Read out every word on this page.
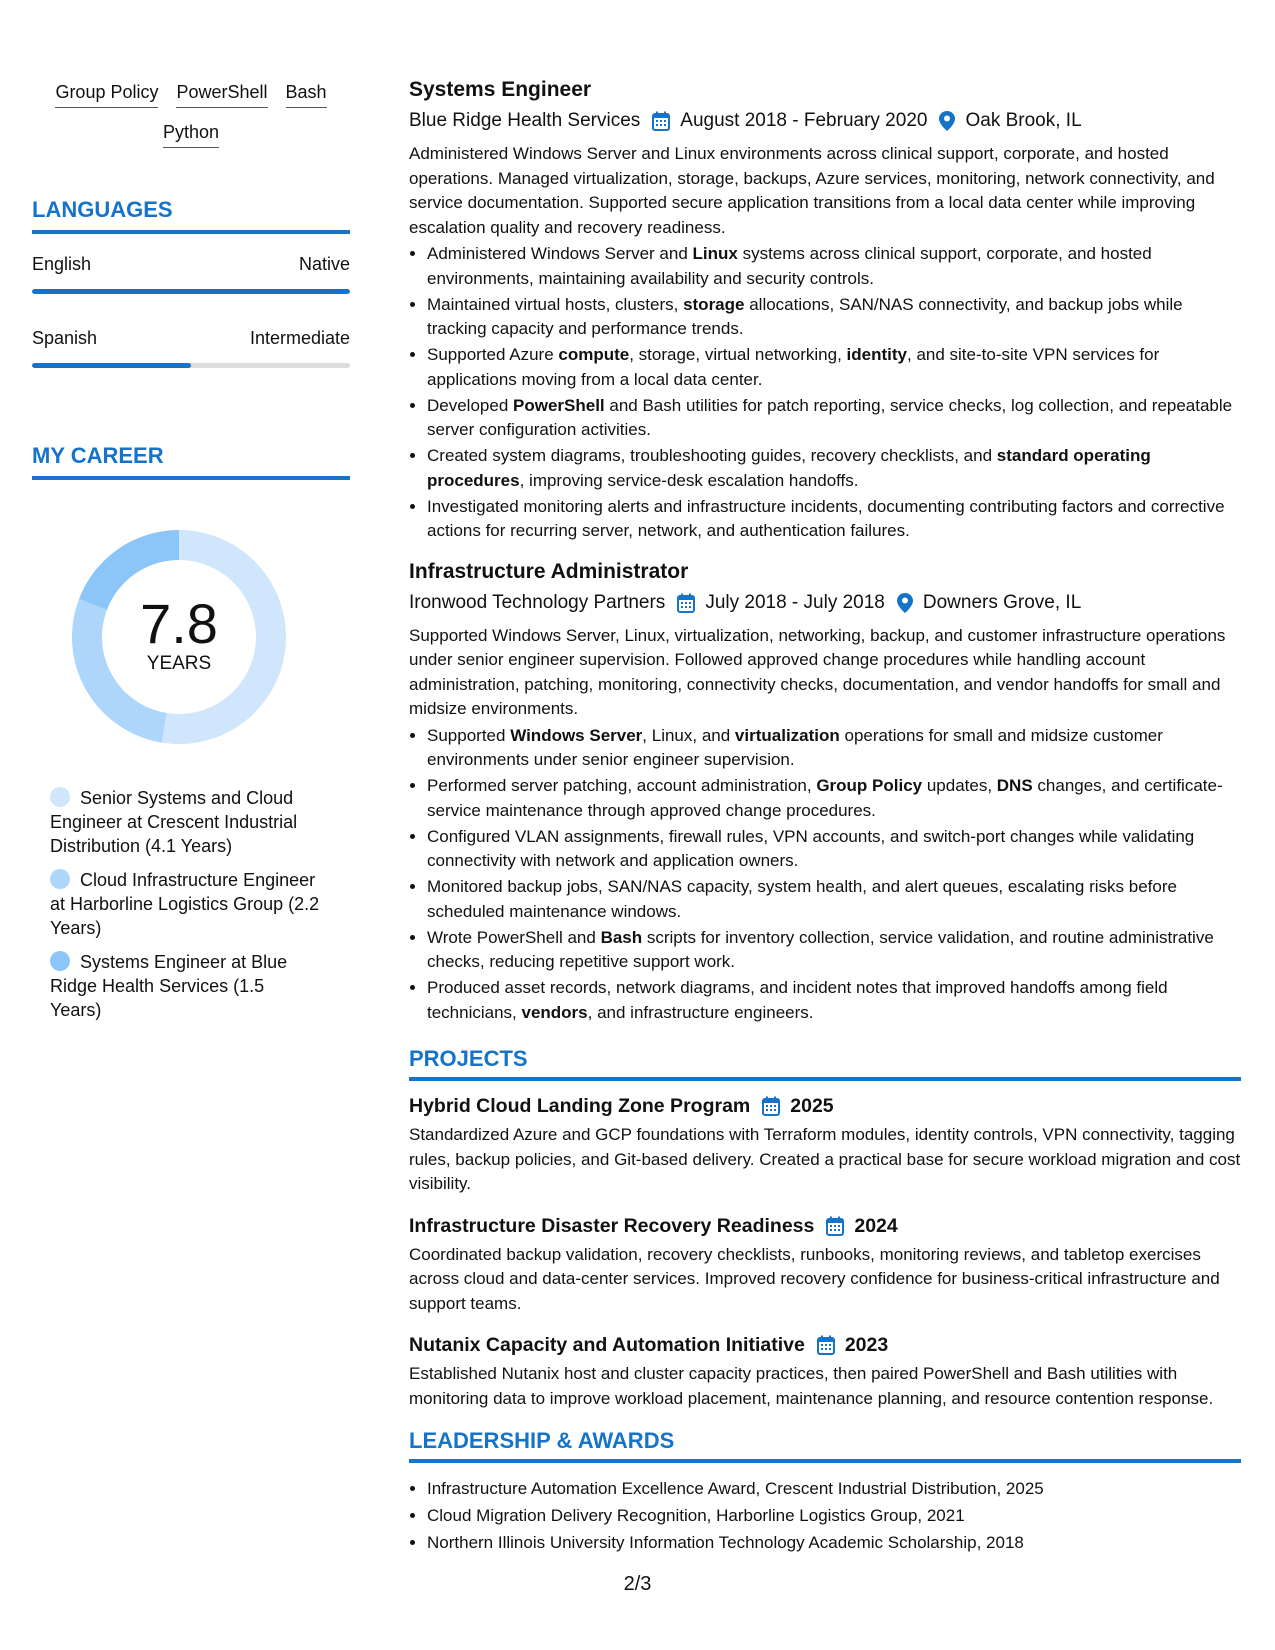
Group Policy PowerShell Bash
Python
LANGUAGES
English	Native
Spanish	Intermediate
MY CAREER
7.8
YEARS
Senior Systems and Cloud Engineer at Crescent Industrial Distribution (4.1 Years)
Cloud Infrastructure Engineer at Harborline Logistics Group (2.2 Years)
Systems Engineer at Blue Ridge Health Services (1.5 Years)
Systems Engineer
Blue Ridge Health Services August 2018 - February 2020 Oak Brook, IL

Administered Windows Server and Linux environments across clinical support, corporate, and hosted operations. Managed virtualization, storage, backups, Azure services, monitoring, network connectivity, and service documentation. Supported secure application transitions from a local data center while improving escalation quality and recovery readiness.

• Administered Windows Server and Linux systems across clinical support, corporate, and hosted environments, maintaining availability and security controls.
• Maintained virtual hosts, clusters, storage allocations, SAN/NAS connectivity, and backup jobs while tracking capacity and performance trends.
• Supported Azure compute, storage, virtual networking, identity, and site-to-site VPN services for applications moving from a local data center.
• Developed PowerShell and Bash utilities for patch reporting, service checks, log collection, and repeatable server configuration activities.
• Created system diagrams, troubleshooting guides, recovery checklists, and standard operating procedures, improving service-desk escalation handoffs.
• Investigated monitoring alerts and infrastructure incidents, documenting contributing factors and corrective actions for recurring server, network, and authentication failures.
Infrastructure Administrator
Ironwood Technology Partners July 2018 - July 2018 Downers Grove, IL

Supported Windows Server, Linux, virtualization, networking, backup, and customer infrastructure operations under senior engineer supervision. Followed approved change procedures while handling account administration, patching, monitoring, connectivity checks, documentation, and vendor handoffs for small and midsize environments.

• Supported Windows Server, Linux, and virtualization operations for small and midsize customer environments under senior engineer supervision.
• Performed server patching, account administration, Group Policy updates, DNS changes, and certificate-service maintenance through approved change procedures.
• Configured VLAN assignments, firewall rules, VPN accounts, and switch-port changes while validating connectivity with network and application owners.
• Monitored backup jobs, SAN/NAS capacity, system health, and alert queues, escalating risks before scheduled maintenance windows.
• Wrote PowerShell and Bash scripts for inventory collection, service validation, and routine administrative checks, reducing repetitive support work.
• Produced asset records, network diagrams, and incident notes that improved handoffs among field technicians, vendors, and infrastructure engineers.
PROJECTS
Hybrid Cloud Landing Zone Program 2025

Standardized Azure and GCP foundations with Terraform modules, identity controls, VPN connectivity, tagging rules, backup policies, and Git-based delivery. Created a practical base for secure workload migration and cost visibility.

Infrastructure Disaster Recovery Readiness 2024

Coordinated backup validation, recovery checklists, runbooks, monitoring reviews, and tabletop exercises across cloud and data-center services. Improved recovery confidence for business-critical infrastructure and support teams.

Nutanix Capacity and Automation Initiative 2023

Established Nutanix host and cluster capacity practices, then paired PowerShell and Bash utilities with monitoring data to improve workload placement, maintenance planning, and resource contention response.

LEADERSHIP & AWARDS
• Infrastructure Automation Excellence Award, Crescent Industrial Distribution, 2025
• Cloud Migration Delivery Recognition, Harborline Logistics Group, 2021
• Northern Illinois University Information Technology Academic Scholarship, 2018
2/3
